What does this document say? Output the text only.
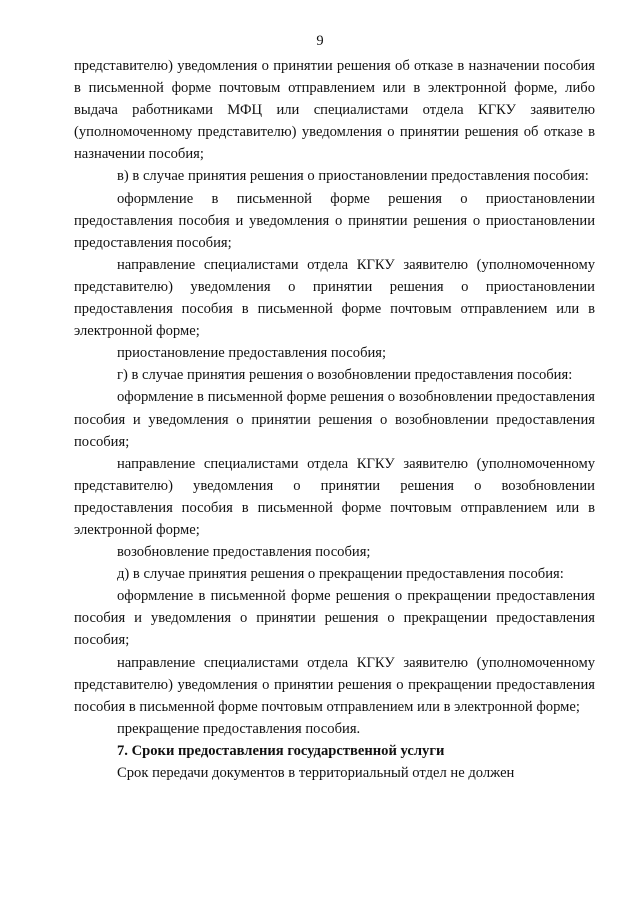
9

представителю) уведомления о принятии решения об отказе в назначении пособия в письменной форме почтовым отправлением или в электронной форме, либо выдача работниками МФЦ или специалистами отдела КГКУ заявителю (уполномоченному представителю) уведомления о принятии решения об отказе в назначении пособия;

в) в случае принятия решения о приостановлении предоставления пособия:

оформление в письменной форме решения о приостановлении предоставления пособия и уведомления о принятии решения о приостановлении предоставления пособия;

направление специалистами отдела КГКУ заявителю (уполномоченному представителю) уведомления о принятии решения о приостановлении предоставления пособия в письменной форме почтовым отправлением или в электронной форме;

приостановление предоставления пособия;

г) в случае принятия решения о возобновлении предоставления пособия:

оформление в письменной форме решения о возобновлении предоставления пособия и уведомления о принятии решения о возобновлении предоставления пособия;

направление специалистами отдела КГКУ заявителю (уполномоченному представителю) уведомления о принятии решения о возобновлении предоставления пособия в письменной форме почтовым отправлением или в электронной форме;

возобновление предоставления пособия;

д) в случае принятия решения о прекращении предоставления пособия:

оформление в письменной форме решения о прекращении предоставления пособия и уведомления о принятии решения о прекращении предоставления пособия;

направление специалистами отдела КГКУ заявителю (уполномоченному представителю) уведомления о принятии решения о прекращении предоставления пособия в письменной форме почтовым отправлением или в электронной форме;

прекращение предоставления пособия.

7. Сроки предоставления государственной услуги

Срок передачи документов в территориальный отдел не должен
